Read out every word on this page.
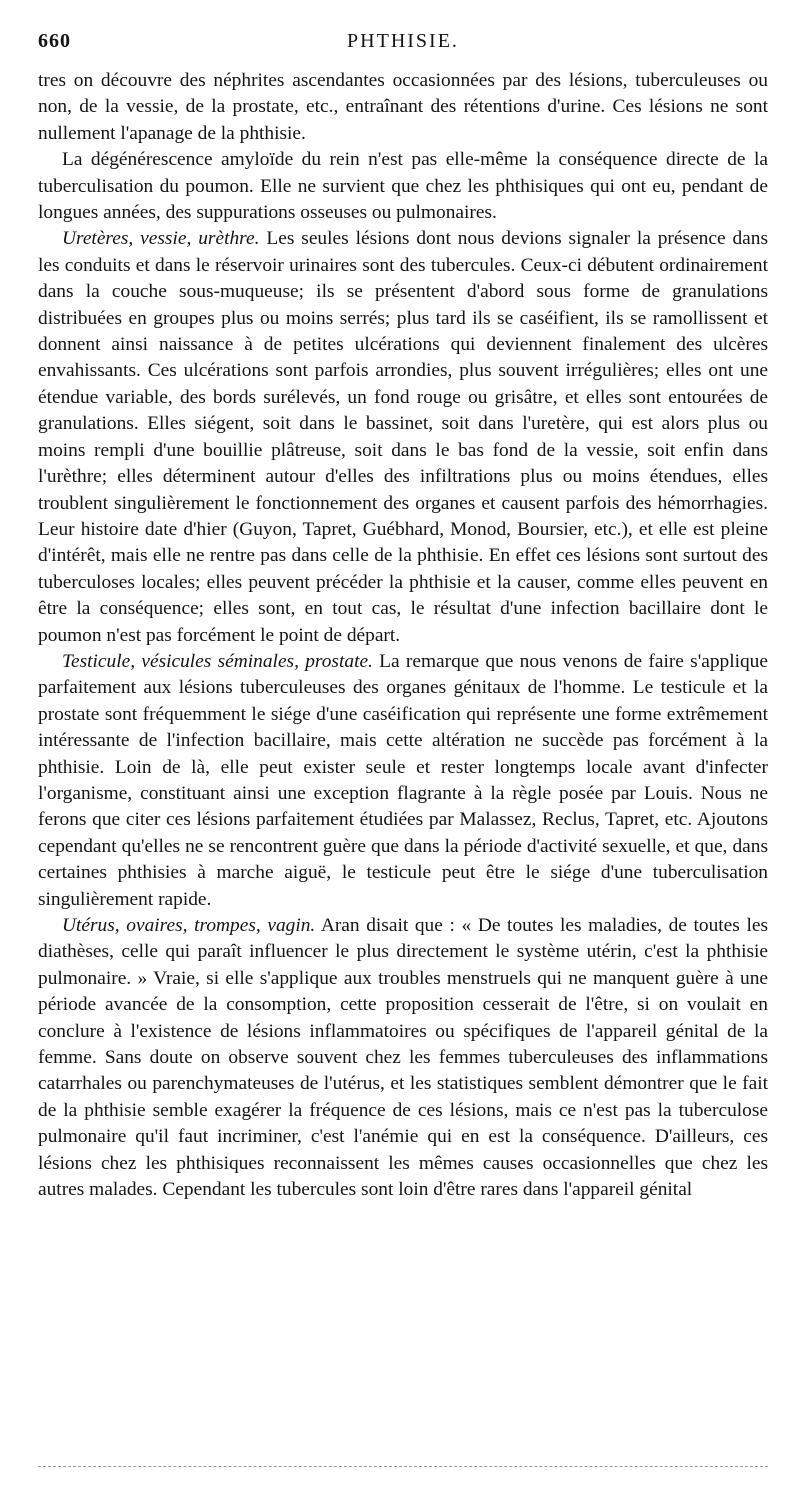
660	PHTHISIE.

tres on découvre des néphrites ascendantes occasionnées par des lésions, tuberculeuses ou non, de la vessie, de la prostate, etc., entraînant des rétentions d'urine. Ces lésions ne sont nullement l'apanage de la phthisie.

La dégénérescence amyloïde du rein n'est pas elle-même la conséquence directe de la tuberculisation du poumon. Elle ne survient que chez les phthisiques qui ont eu, pendant de longues années, des suppurations osseuses ou pulmonaires.

Uretères, vessie, urèthre. Les seules lésions dont nous devions signaler la présence dans les conduits et dans le réservoir urinaires sont des tubercules. Ceux-ci débutent ordinairement dans la couche sous-muqueuse; ils se présentent d'abord sous forme de granulations distribuées en groupes plus ou moins serrés; plus tard ils se caséifient, ils se ramollissent et donnent ainsi naissance à de petites ulcérations qui deviennent finalement des ulcères envahissants. Ces ulcérations sont parfois arrondies, plus souvent irrégulières; elles ont une étendue variable, des bords surélevés, un fond rouge ou grisâtre, et elles sont entourées de granulations. Elles siégent, soit dans le bassinet, soit dans l'uretère, qui est alors plus ou moins rempli d'une bouillie plâtreuse, soit dans le bas fond de la vessie, soit enfin dans l'urèthre; elles déterminent autour d'elles des infiltrations plus ou moins étendues, elles troublent singulièrement le fonctionnement des organes et causent parfois des hémorrhagies. Leur histoire date d'hier (Guyon, Tapret, Guébhard, Monod, Boursier, etc.), et elle est pleine d'intérêt, mais elle ne rentre pas dans celle de la phthisie. En effet ces lésions sont surtout des tuberculoses locales; elles peuvent précéder la phthisie et la causer, comme elles peuvent en être la conséquence; elles sont, en tout cas, le résultat d'une infection bacillaire dont le poumon n'est pas forcément le point de départ.

Testicule, vésicules séminales, prostate. La remarque que nous venons de faire s'applique parfaitement aux lésions tuberculeuses des organes génitaux de l'homme. Le testicule et la prostate sont fréquemment le siége d'une caséification qui représente une forme extrêmement intéressante de l'infection bacillaire, mais cette altération ne succède pas forcément à la phthisie. Loin de là, elle peut exister seule et rester longtemps locale avant d'infecter l'organisme, constituant ainsi une exception flagrante à la règle posée par Louis. Nous ne ferons que citer ces lésions parfaitement étudiées par Malassez, Reclus, Tapret, etc. Ajoutons cependant qu'elles ne se rencontrent guère que dans la période d'activité sexuelle, et que, dans certaines phthisies à marche aiguë, le testicule peut être le siége d'une tuberculisation singulièrement rapide.

Utérus, ovaires, trompes, vagin. Aran disait que : « De toutes les maladies, de toutes les diathèses, celle qui paraît influencer le plus directement le système utérin, c'est la phthisie pulmonaire. » Vraie, si elle s'applique aux troubles menstruels qui ne manquent guère à une période avancée de la consomption, cette proposition cesserait de l'être, si on voulait en conclure à l'existence de lésions inflammatoires ou spécifiques de l'appareil génital de la femme. Sans doute on observe souvent chez les femmes tuberculeuses des inflammations catarrhales ou parenchymateuses de l'utérus, et les statistiques semblent démontrer que le fait de la phthisie semble exagérer la fréquence de ces lésions, mais ce n'est pas la tuberculose pulmonaire qu'il faut incriminer, c'est l'anémie qui en est la conséquence. D'ailleurs, ces lésions chez les phthisiques reconnaissent les mêmes causes occasionnelles que chez les autres malades. Cependant les tubercules sont loin d'être rares dans l'appareil génital
